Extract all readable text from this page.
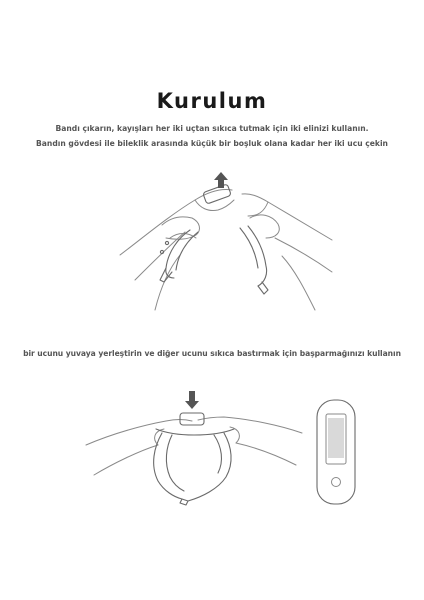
Kurulum
Bandı çıkarın, kayışları her iki uçtan sıkıca tutmak için iki elinizi kullanın.
Bandın gövdesi ile bileklik arasında küçük bir boşluk olana kadar her iki ucu çekin
bir ucunu yuvaya yerleştirin ve diğer ucunu sıkıca bastırmak için başparmağınızı kullanın
